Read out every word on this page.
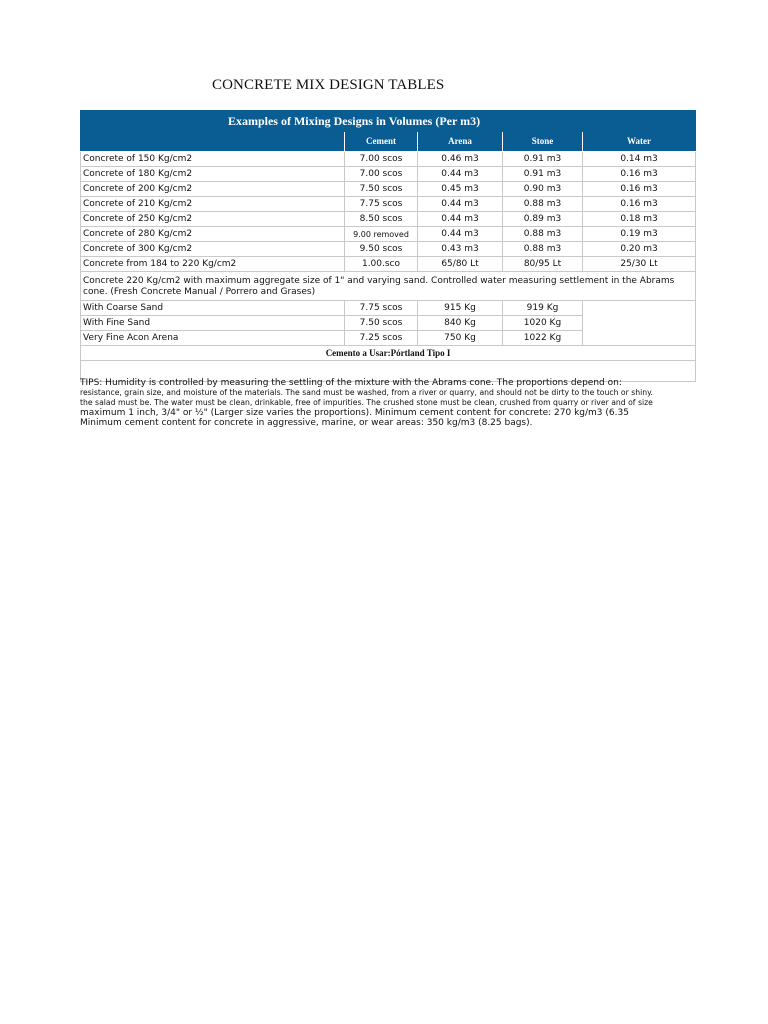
CONCRETE MIX DESIGN TABLES
Examples of Mixing Designs in Volumes (Per m3)				
	Cement	Arena	Stone	Water
Concrete of 150 Kg/cm2	7.00 scos	0.46 m3	0.91 m3	0.14 m3
Concrete of 180 Kg/cm2	7.00 scos	0.44 m3	0.91 m3	0.16 m3
Concrete of 200 Kg/cm2	7.50 scos	0.45 m3	0.90 m3	0.16 m3
Concrete of 210 Kg/cm2	7.75 scos	0.44 m3	0.88 m3	0.16 m3
Concrete of 250 Kg/cm2	8.50 scos	0.44 m3	0.89 m3	0.18 m3
Concrete of 280 Kg/cm2	9.00 removed	0.44 m3	0.88 m3	0.19 m3
Concrete of 300 Kg/cm2	9.50 scos	0.43 m3	0.88 m3	0.20 m3
Concrete from 184 to 220 Kg/cm2	1.00.sco	65/80 Lt	80/95 Lt	25/30 Lt
Concrete 220 Kg/cm2 with maximum aggregate size of 1" and varying sand. Controlled water measuring settlement in the Abrams cone. (Fresh Concrete Manual / Porrero and Grases)				
With Coarse Sand	7.75 scos	915 Kg	919 Kg	
With Fine Sand	7.50 scos	840 Kg	1020 Kg	
Very Fine Acon Arena	7.25 scos	750 Kg	1022 Kg	
Cemento a Usar:Pórtland Tipo I				

TIPS: Humidity is controlled by measuring the settling of the mixture with the Abrams cone. The proportions depend on:
resistance, grain size, and moisture of the materials. The sand must be washed, from a river or quarry, and should not be dirty to the touch or shiny.
the salad must be. The water must be clean, drinkable, free of impurities. The crushed stone must be clean, crushed from quarry or river and of size
maximum 1 inch, 3/4" or ½" (Larger size varies the proportions). Minimum cement content for concrete: 270 kg/m3 (6.35
Minimum cement content for concrete in aggressive, marine, or wear areas: 350 kg/m3 (8.25 bags).
